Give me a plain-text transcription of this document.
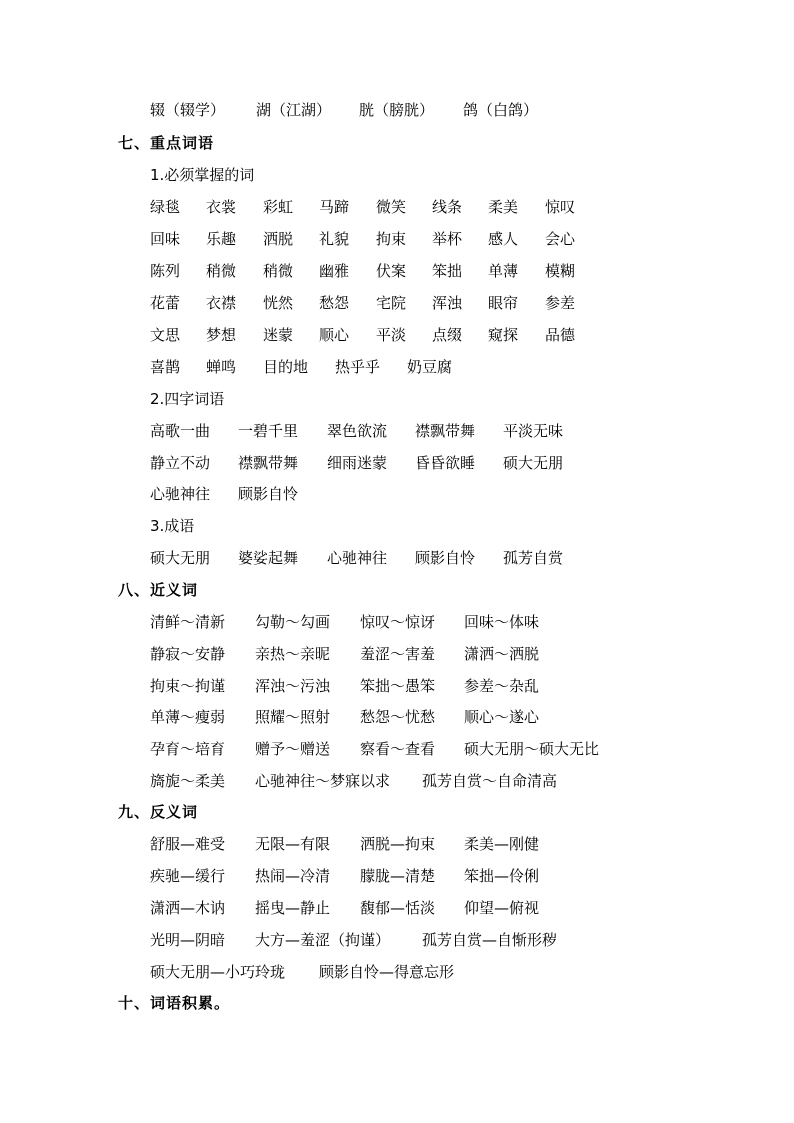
辍（辍学） 湖（江湖） 胱（膀胱） 鸽（白鸽）
七、重点词语
1.必须掌握的词
绿毯 衣裳 彩虹 马蹄 微笑 线条 柔美 惊叹
回味 乐趣 洒脱 礼貌 拘束 举杯 感人 会心
陈列 稍微 稍微 幽雅 伏案 笨拙 单薄 模糊
花蕾 衣襟 恍然 愁怨 宅院 浑浊 眼帘 参差
文思 梦想 迷蒙 顺心 平淡 点缀 窥探 品德
喜鹊 蝉鸣 目的地 热乎乎 奶豆腐
2.四字词语
高歌一曲 一碧千里 翠色欲流 襟飘带舞 平淡无味
静立不动 襟飘带舞 细雨迷蒙 昏昏欲睡 硕大无朋
心驰神往 顾影自怜
3.成语
硕大无朋 婆娑起舞 心驰神往 顾影自怜 孤芳自赏
八、近义词
清鲜～清新 勾勒～勾画 惊叹～惊讶 回味～体味
静寂～安静 亲热～亲昵 羞涩～害羞 潇洒～洒脱
拘束～拘谨 浑浊～污浊 笨拙～愚笨 参差～杂乱
单薄～瘦弱 照耀～照射 愁怨～忧愁 顺心～遂心
孕育～培育 赠予～赠送 察看～查看 硕大无朋～硕大无比
旖旎～柔美 心驰神往～梦寐以求 孤芳自赏～自命清高
九、反义词
舒服—难受 无限—有限 洒脱—拘束 柔美—刚健
疾驰—缓行 热闹—冷清 朦胧—清楚 笨拙—伶俐
潇洒—木讷 摇曳—静止 馥郁—恬淡 仰望—俯视
光明—阴暗 大方—羞涩（拘谨） 孤芳自赏—自惭形秽
硕大无朋—小巧玲珑 顾影自怜—得意忘形
十、词语积累。
